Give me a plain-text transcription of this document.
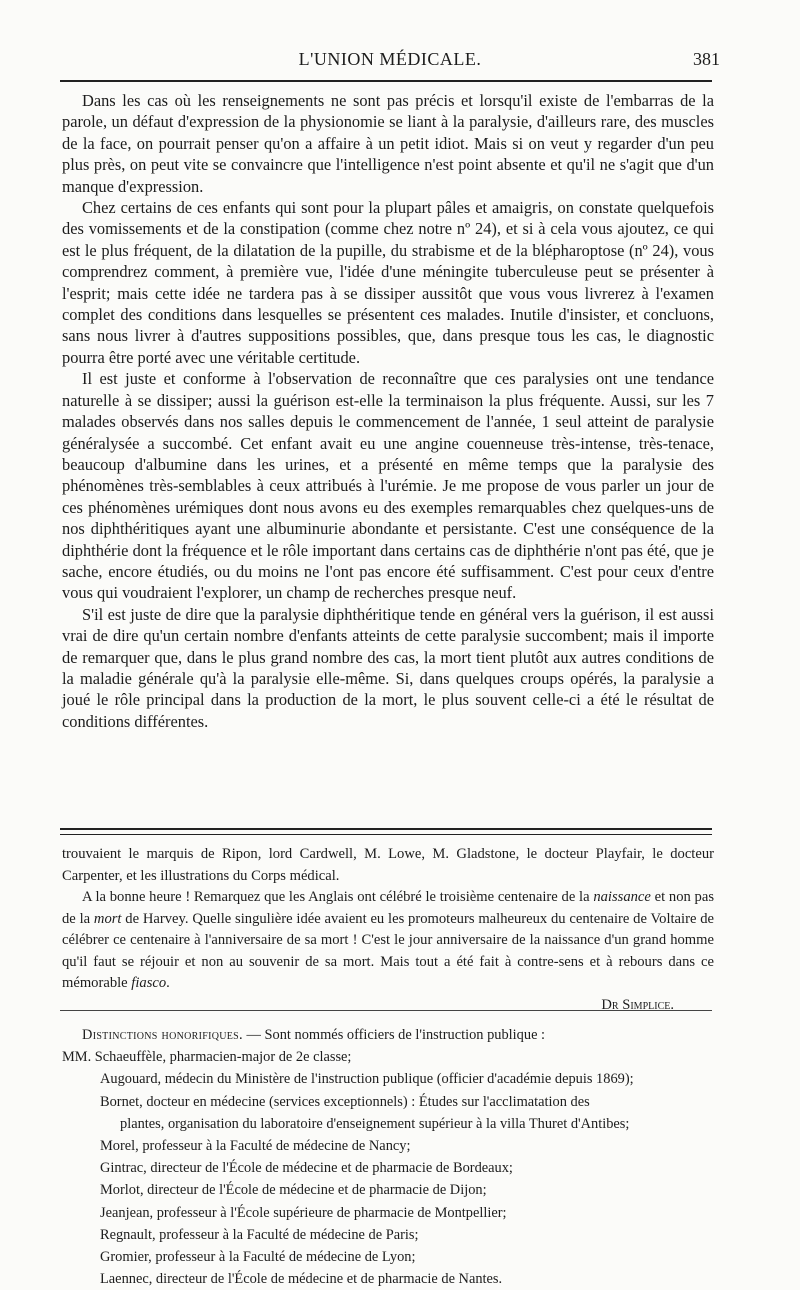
L'UNION MÉDICALE.	381

Dans les cas où les renseignements ne sont pas précis et lorsqu'il existe de l'embarras de la parole, un défaut d'expression de la physionomie se liant à la paralysie, d'ailleurs rare, des muscles de la face, on pourrait penser qu'on a affaire à un petit idiot. Mais si on veut y regarder d'un peu plus près, on peut vite se convaincre que l'intelligence n'est point absente et qu'il ne s'agit que d'un manque d'expression.

Chez certains de ces enfants qui sont pour la plupart pâles et amaigris, on constate quelquefois des vomissements et de la constipation (comme chez notre nº 24), et si à cela vous ajoutez, ce qui est le plus fréquent, de la dilatation de la pupille, du strabisme et de la blépharoptose (nº 24), vous comprendrez comment, à première vue, l'idée d'une méningite tuberculeuse peut se présenter à l'esprit; mais cette idée ne tardera pas à se dissiper aussitôt que vous vous livrerez à l'examen complet des conditions dans lesquelles se présentent ces malades. Inutile d'insister, et concluons, sans nous livrer à d'autres suppositions possibles, que, dans presque tous les cas, le diagnostic pourra être porté avec une véritable certitude.

Il est juste et conforme à l'observation de reconnaître que ces paralysies ont une tendance naturelle à se dissiper; aussi la guérison est-elle la terminaison la plus fréquente. Aussi, sur les 7 malades observés dans nos salles depuis le commencement de l'année, 1 seul atteint de paralysie généralysée a succombé. Cet enfant avait eu une angine couenneuse très-intense, très-tenace, beaucoup d'albumine dans les urines, et a présenté en même temps que la paralysie des phénomènes très-semblables à ceux attribués à l'urémie. Je me propose de vous parler un jour de ces phénomènes urémiques dont nous avons eu des exemples remarquables chez quelques-uns de nos diphthéritiques ayant une albuminurie abondante et persistante. C'est une conséquence de la diphthérie dont la fréquence et le rôle important dans certains cas de diphthérie n'ont pas été, que je sache, encore étudiés, ou du moins ne l'ont pas encore été suffisamment. C'est pour ceux d'entre vous qui voudraient l'explorer, un champ de recherches presque neuf.

S'il est juste de dire que la paralysie diphthéritique tende en général vers la guérison, il est aussi vrai de dire qu'un certain nombre d'enfants atteints de cette paralysie succombent; mais il importe de remarquer que, dans le plus grand nombre des cas, la mort tient plutôt aux autres conditions de la maladie générale qu'à la paralysie elle-même. Si, dans quelques croups opérés, la paralysie a joué le rôle principal dans la production de la mort, le plus souvent celle-ci a été le résultat de conditions différentes.

trouvaient le marquis de Ripon, lord Cardwell, M. Lowe, M. Gladstone, le docteur Playfair, le docteur Carpenter, et les illustrations du Corps médical.

A la bonne heure ! Remarquez que les Anglais ont célébré le troisième centenaire de la naissance et non pas de la mort de Harvey. Quelle singulière idée avaient eu les promoteurs malheureux du centenaire de Voltaire de célébrer ce centenaire à l'anniversaire de sa mort ! C'est le jour anniversaire de la naissance d'un grand homme qu'il faut se réjouir et non au souvenir de sa mort. Mais tout a été fait à contre-sens et à rebours dans ce mémorable fiasco.

Dr Simplice.

Distinctions honorifiques. — Sont nommés officiers de l'instruction publique :

MM. Schaeuffèle, pharmacien-major de 2e classe;

Augouard, médecin du Ministère de l'instruction publique (officier d'académie depuis 1869);

Bornet, docteur en médecine (services exceptionnels) : Études sur l'acclimatation des

plantes, organisation du laboratoire d'enseignement supérieur à la villa Thuret d'Antibes;

Morel, professeur à la Faculté de médecine de Nancy;

Gintrac, directeur de l'École de médecine et de pharmacie de Bordeaux;

Morlot, directeur de l'École de médecine et de pharmacie de Dijon;

Jeanjean, professeur à l'École supérieure de pharmacie de Montpellier;

Regnault, professeur à la Faculté de médecine de Paris;

Gromier, professeur à la Faculté de médecine de Lyon;

Laennec, directeur de l'École de médecine et de pharmacie de Nantes.
